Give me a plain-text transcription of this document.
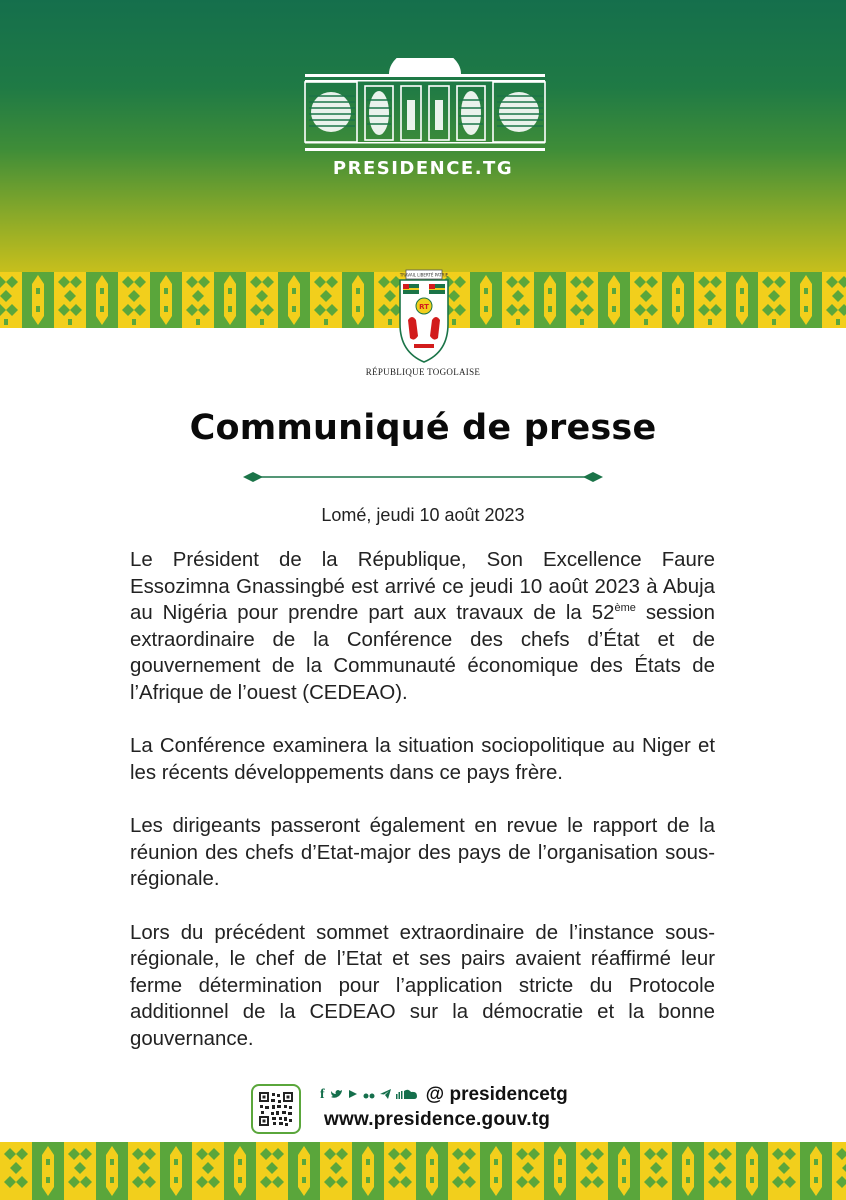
PRESIDENCE.TG
TRAVAIL LIBERTÉ PATRIE
RT
RÉPUBLIQUE TOGOLAISE
Communiqué de presse
Lomé, jeudi 10 août 2023

Le Président de la République, Son Excellence Faure Essozimna Gnassingbé est arrivé ce jeudi 10 août 2023 à Abuja au Nigéria pour prendre part aux travaux de la 52ème session extraordinaire de la Conférence des chefs d’État et de gouvernement de la Communauté économique des États de l’Afrique de l’ouest (CEDEAO).

La Conférence examinera la situation sociopolitique au Niger et les récents développements dans ce pays frère.

Les dirigeants passeront également en revue le rapport de la réunion des chefs d’Etat-major des pays de l’organisation sous-régionale.

Lors du précédent sommet extraordinaire de l’instance sous-régionale, le chef de l’Etat et ses pairs avaient réaffirmé leur ferme détermination pour l’application stricte du Protocole additionnel de la CEDEAO sur la démocratie et la bonne gouvernance.

f	@ presidencetg
www.presidence.gouv.tg
